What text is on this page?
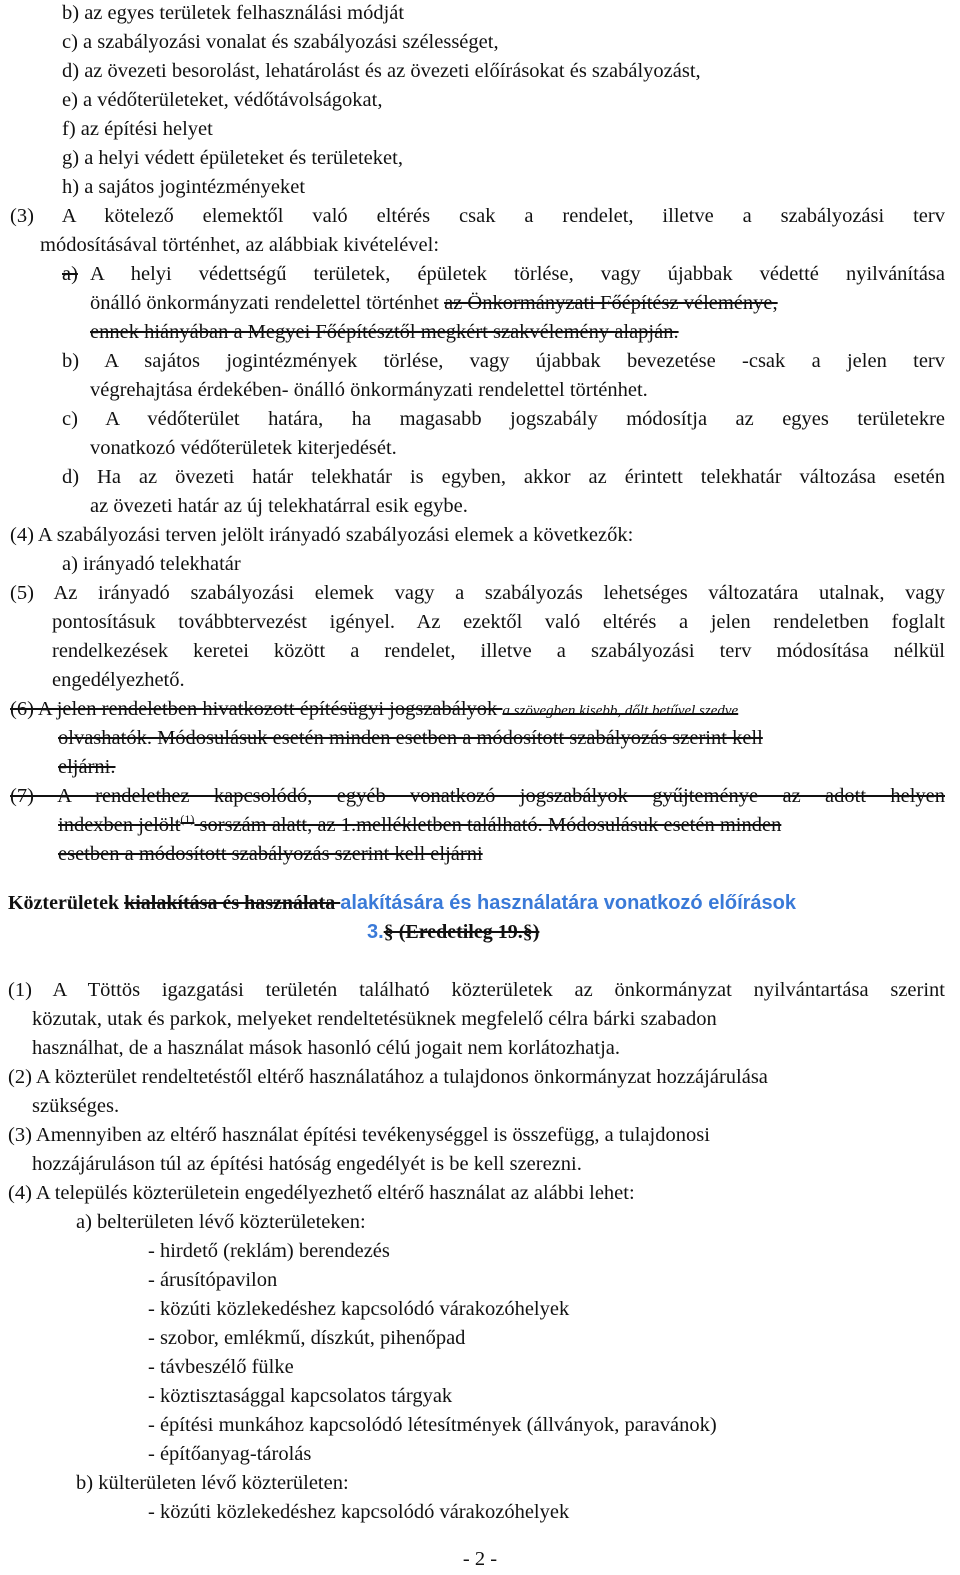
b) az egyes területek felhasználási módját
c) a szabályozási vonalat és szabályozási szélességet,
d) az övezeti besorolást, lehatárolást és az övezeti előírásokat és szabályozást,
e) a védőterületeket, védőtávolságokat,
f) az építési helyet
g) a helyi védett épületeket és területeket,
h) a sajátos jogintézményeket
(3) A kötelező elemektől való eltérés csak a rendelet, illetve a szabályozási terv
módosításával történhet, az alábbiak kivételével:
a) A helyi védettségű területek, épületek törlése, vagy újabbak védetté nyilvánítása
önálló önkormányzati rendelettel történhet az Önkormányzati Főépítész véleménye,
ennek hiányában a Megyei Főépítésztől megkért szakvélemény alapján.
b) A sajátos jogintézmények törlése, vagy újabbak bevezetése -csak a jelen terv
végrehajtása érdekében- önálló önkormányzati rendelettel történhet.
c) A védőterület határa, ha magasabb jogszabály módosítja az egyes területekre
vonatkozó védőterületek kiterjedését.
d) Ha az övezeti határ telekhatár is egyben, akkor az érintett telekhatár változása esetén
az övezeti határ az új telekhatárral esik egybe.
(4) A szabályozási terven jelölt irányadó szabályozási elemek a következők:
a) irányadó telekhatár
(5) Az irányadó szabályozási elemek vagy a szabályozás lehetséges változatára utalnak, vagy
pontosításuk továbbtervezést igényel. Az ezektől való eltérés a jelen rendeletben foglalt
rendelkezések keretei között a rendelet, illetve a szabályozási terv módosítása nélkül
engedélyezhető.
(6) A jelen rendeletben hivatkozott építésügyi jogszabályok a szövegben kisebb, dőlt betűvel szedve
olvashatók. Módosulásuk esetén minden esetben a módosított szabályozás szerint kell
eljárni.
(7) A rendelethez kapcsolódó, egyéb vonatkozó jogszabályok gyűjteménye az adott helyen
indexben jelölt$^{(1)}$ sorszám alatt, az 1.mellékletben található. Módosulásuk esetén minden
esetben a módosított szabályozás szerint kell eljárni
Közterületek kialakítása és használata alakítására és használatára vonatkozó előírások
3.§ (Eredetileg 19.§)
(1) A Töttös igazgatási területén található közterületek az önkormányzat nyilvántartása szerint
közutak, utak és parkok, melyeket rendeltetésüknek megfelelő célra bárki szabadon
használhat, de a használat mások hasonló célú jogait nem korlátozhatja.
(2) A közterület rendeltetéstől eltérő használatához a tulajdonos önkormányzat hozzájárulása
szükséges.
(3) Amennyiben az eltérő használat építési tevékenységgel is összefügg, a tulajdonosi
hozzájáruláson túl az építési hatóság engedélyét is be kell szerezni.
(4) A település közterületein engedélyezhető eltérő használat az alábbi lehet:
a) belterületen lévő közterületeken:
- hirdető (reklám) berendezés
- árusítópavilon
- közúti közlekedéshez kapcsolódó várakozóhelyek
- szobor, emlékmű, díszkút, pihenőpad
- távbeszélő fülke
- köztisztasággal kapcsolatos tárgyak
- építési munkához kapcsolódó létesítmények (állványok, paravánok)
- építőanyag-tárolás
b) külterületen lévő közterületen:
- közúti közlekedéshez kapcsolódó várakozóhelyek
- 2 -
